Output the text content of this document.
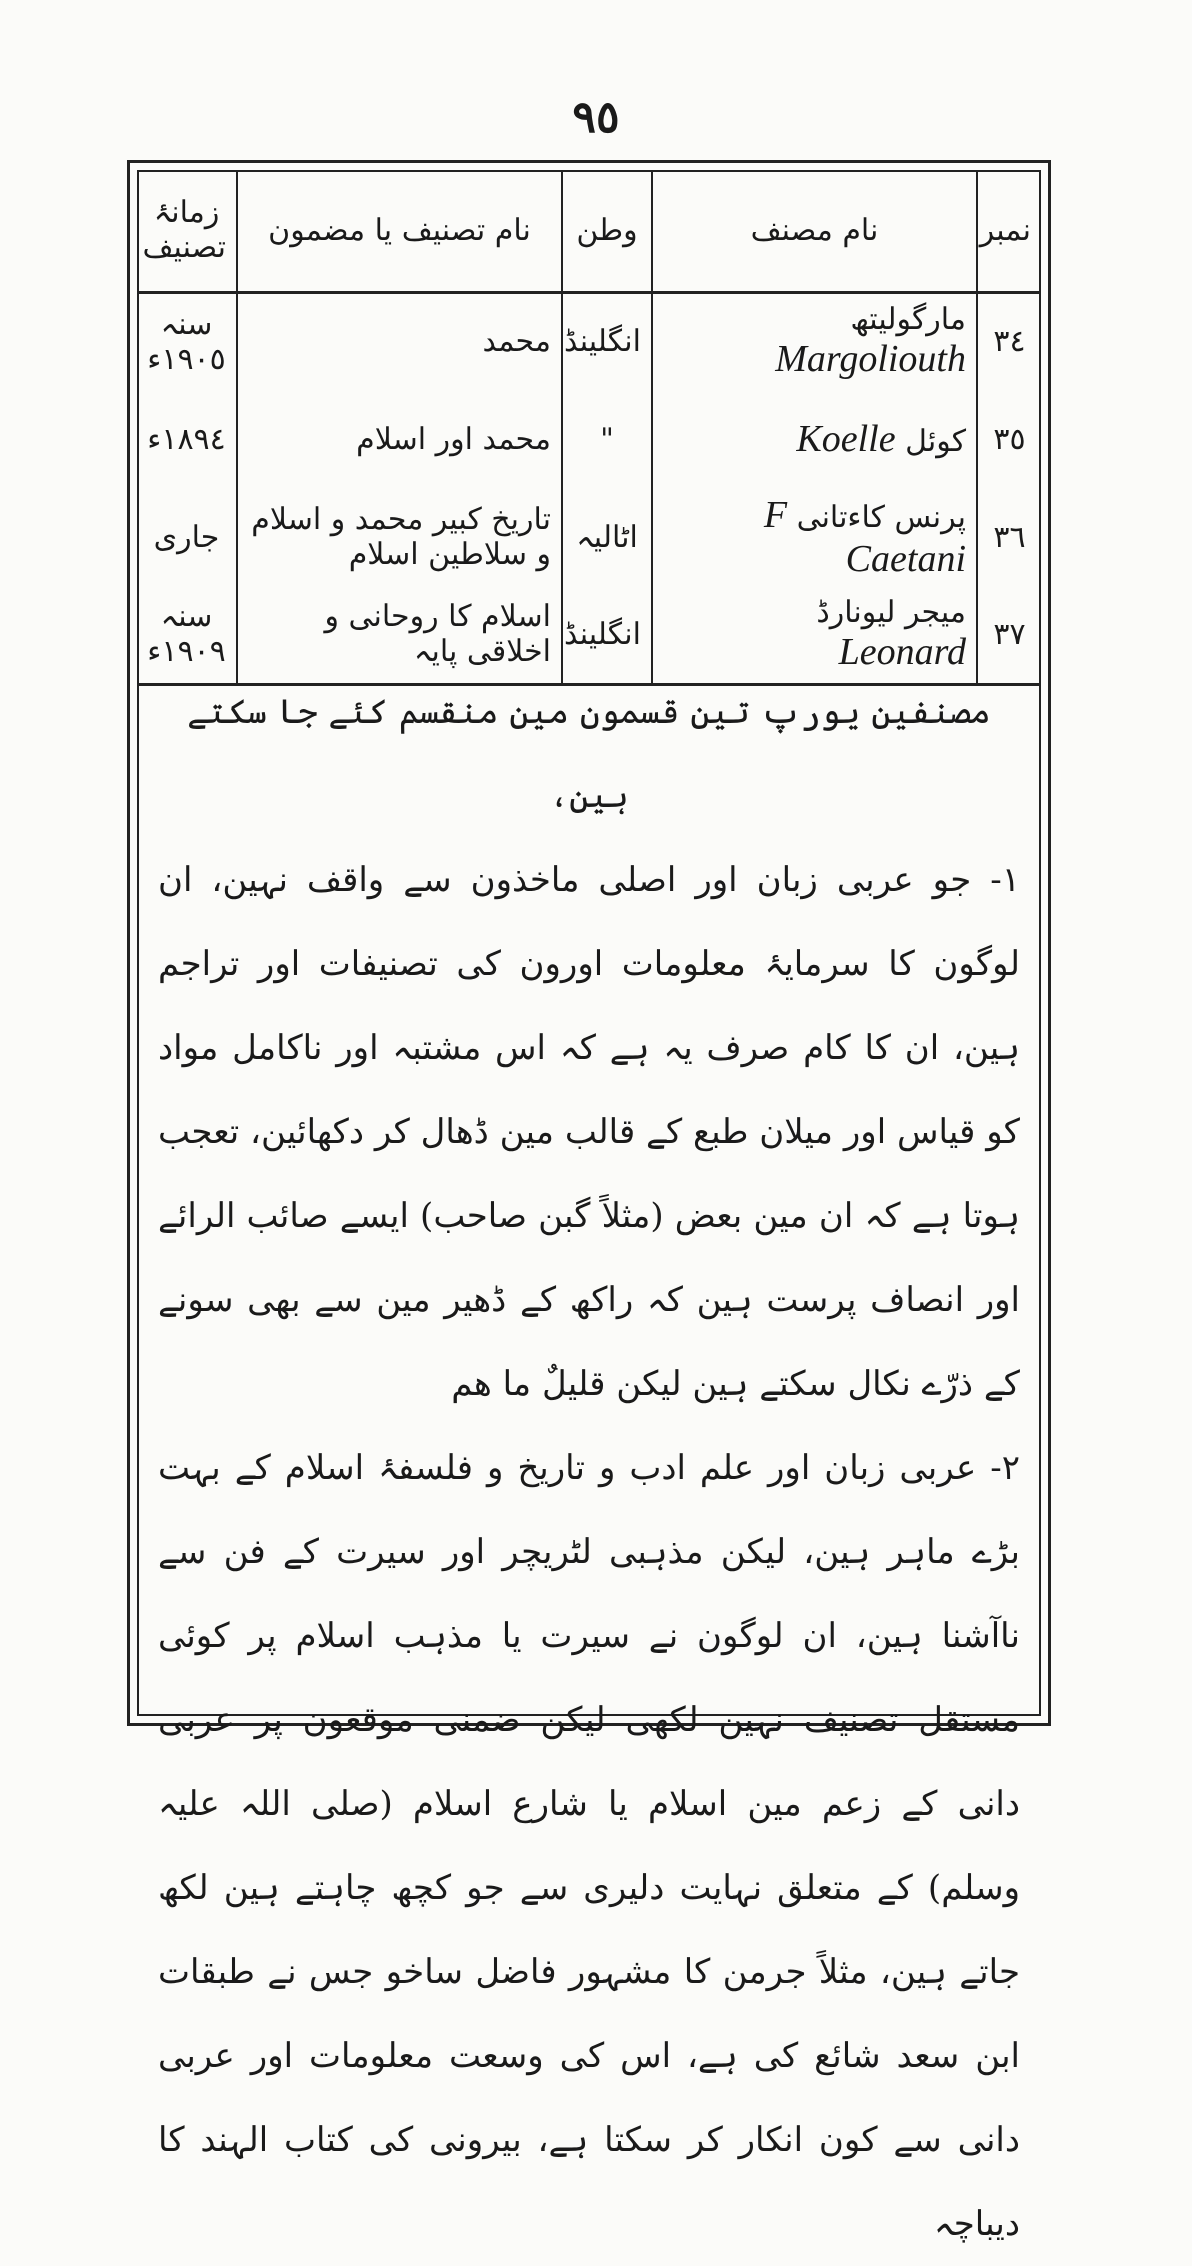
٩٥
نمبر	نام مصنف	وطن	نام تصنیف یا مضمون	زمانۂ تصنیف
٣٤	مارگولیتھ Margoliouth	انگلینڈ	محمد	سنہ ١٩٠٥ء
٣٥	کوئل Koelle	"	محمد اور اسلام	١٨٩٤ء
٣٦	پرنس کاءتانی F Caetani	اٹالیہ	تاریخ کبیر محمد و اسلام و سلاطین اسلام	جاری
٣٧	میجر لیونارڈ Leonard	انگلینڈ	اسلام کا روحانی و اخلاقی پایہ	سنہ ١٩٠٩ء

مصنفین یورپ تین قسمون مین منقسم کئے جا سکتے ہین،

١- جو عربی زبان اور اصلی ماخذون سے واقف نہین، ان لوگون کا سرمایۂ معلومات اورون کی تصنیفات اور تراجم ہین، ان کا کام صرف یہ ہے کہ اس مشتبہ اور ناکامل مواد کو قیاس اور میلان طبع کے قالب مین ڈھال کر دکھائین، تعجب ہوتا ہے کہ ان مین بعض (مثلاً گبن صاحب) ایسے صائب الرائے اور انصاف پرست ہین کہ راکھ کے ڈھیر مین سے بھی سونے کے ذرّے نکال سکتے ہین لیکن قلیلٌ ما ھم

٢- عربی زبان اور علم ادب و تاریخ و فلسفۂ اسلام کے بہت بڑے ماہر ہین، لیکن مذہبی لٹریچر اور سیرت کے فن سے ناآشنا ہین، ان لوگون نے سیرت یا مذہب اسلام پر کوئی مستقل تصنیف نہین لکھی لیکن ضمنی موقعون پر عربی دانی کے زعم مین اسلام یا شارع اسلام (صلی اللہ علیہ وسلم) کے متعلق نہایت دلیری سے جو کچھ چاہتے ہین لکھ جاتے ہین، مثلاً جرمن کا مشہور فاضل ساخو جس نے طبقات ابن سعد شائع کی ہے، اس کی وسعت معلومات اور عربی دانی سے کون انکار کر سکتا ہے، بیرونی کی کتاب الہند کا دیباچہ
